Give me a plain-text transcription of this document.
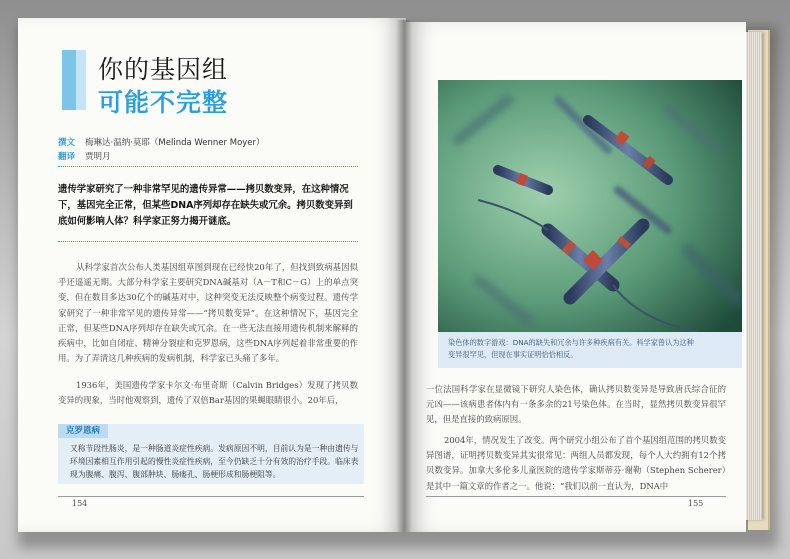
你的基因组
可能不完整
撰文 梅琳达·温纳·莫耶（Melinda Wenner Moyer）
翻译 贾明月
遗传学家研究了一种非常罕见的遗传异常——拷贝数变异，在这种情况下，基因完全正常，但某些DNA序列却存在缺失或冗余。拷贝数变异到底如何影响人体？科学家正努力揭开谜底。
从科学家首次公布人类基因组草图到现在已经快20年了，但找到致病基因似乎还遥遥无期。大部分科学家主要研究DNA碱基对（A－T和C－G）上的单点突变，但在数目多达30亿个的碱基对中，这种突变无法反映整个病变过程。遗传学家研究了一种非常罕见的遗传异常——“拷贝数变异”。在这种情况下，基因完全正常，但某些DNA序列却存在缺失或冗余。在一些无法直接用遗传机制来解释的疾病中，比如自闭症、精神分裂症和克罗恩病，这些DNA序列起着非常重要的作用。为了弄清这几种疾病的发病机制，科学家已头痛了多年。
1936年，美国遗传学家卡尔文·布里奇斯（Calvin Bridges）发现了拷贝数变异的现象，当时他观察到，遗传了双倍Bar基因的果蝇眼睛很小。20年后，
克罗恩病
又称节段性肠炎，是一种肠道炎症性疾病。发病原因不明，目前认为是一种由遗传与环境因素相互作用引起的慢性炎症性疾病，至今仍缺乏十分有效的治疗手段。临床表现为腹痛、腹泻、腹部肿块、肠瘘孔、肠梗形成和肠梗阻等。
154
染色体的数字游戏：DNA的缺失和冗余与许多种疾病有关。科学家曾认为这种变异很罕见，但现在事实证明恰恰相反。
一位法国科学家在显微镜下研究人染色体，确认拷贝数变异是导致唐氏综合征的元凶——该病患者体内有一条多余的21号染色体。在当时，显然拷贝数变异很罕见，但是直接的致病原因。
2004年，情况发生了改变。两个研究小组公布了首个基因组范围的拷贝数变异图谱，证明拷贝数变异其实很常见：两组人员都发现，每个人大约拥有12个拷贝数变异。加拿大多伦多儿童医院的遗传学家斯蒂芬·谢勒（Stephen Scherer）是其中一篇文章的作者之一。他说：“我们以前一直认为，DNA中
155
